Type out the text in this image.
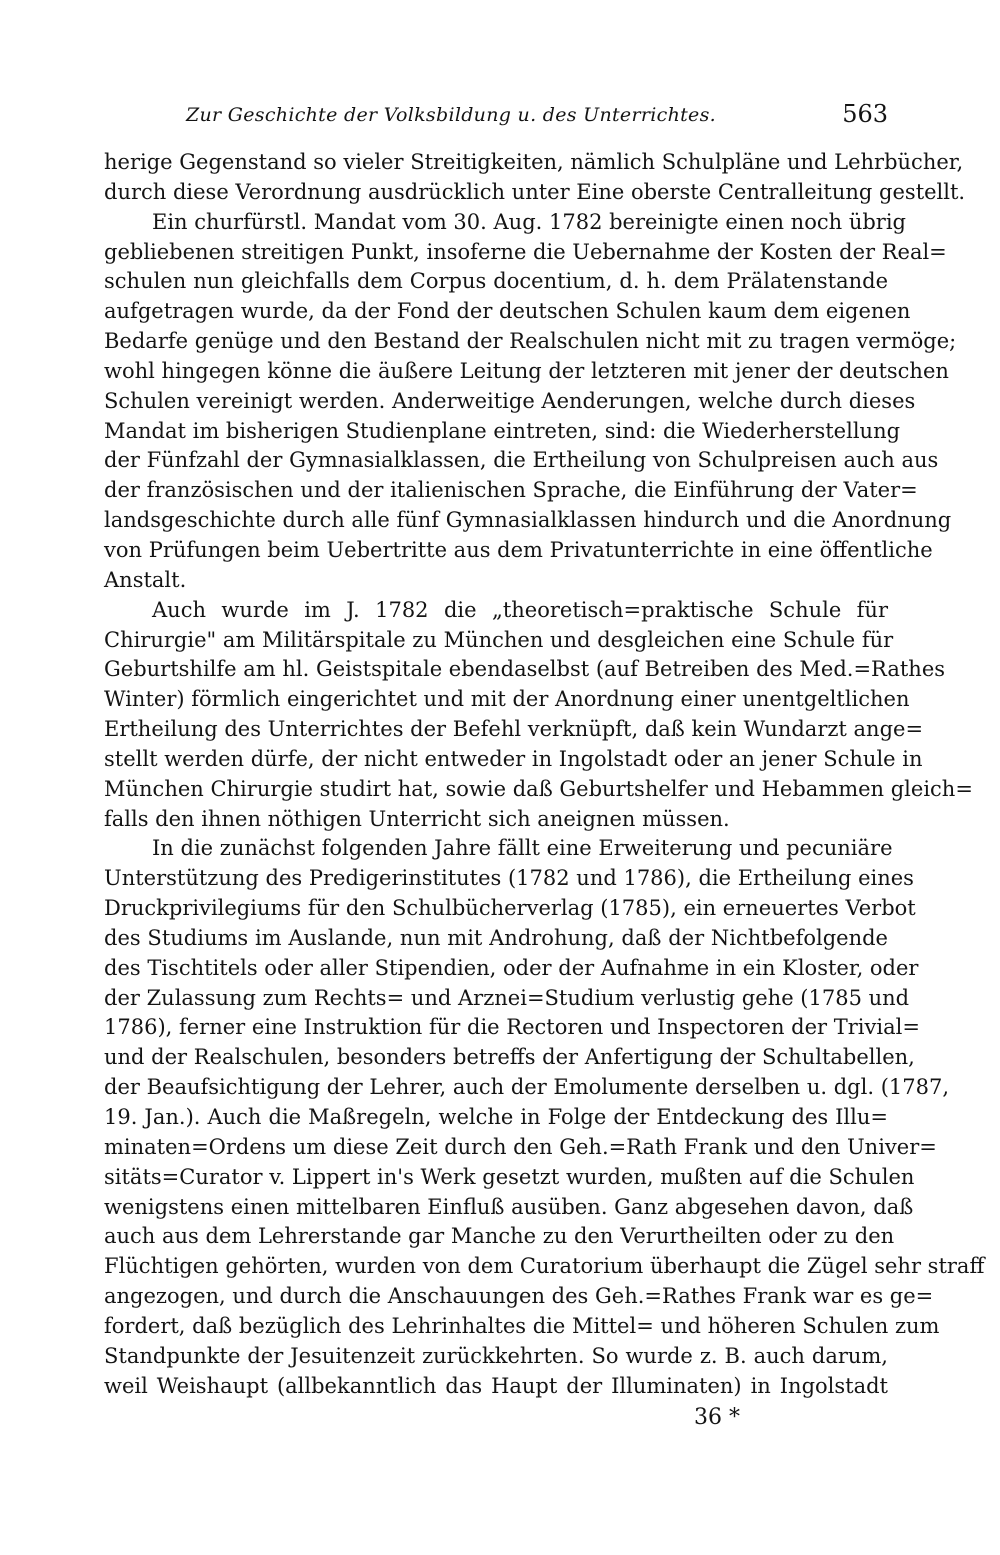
Zur Geschichte der Volksbildung u. des Unterrichtes.	563
herige Gegenstand so vieler Streitigkeiten, nämlich Schulpläne und Lehrbücher,
durch diese Verordnung ausdrücklich unter Eine oberste Centralleitung gestellt.
Ein churfürstl. Mandat vom 30. Aug. 1782 bereinigte einen noch übrig
gebliebenen streitigen Punkt, insoferne die Uebernahme der Kosten der Real=
schulen nun gleichfalls dem Corpus docentium, d. h. dem Prälatenstande
aufgetragen wurde, da der Fond der deutschen Schulen kaum dem eigenen
Bedarfe genüge und den Bestand der Realschulen nicht mit zu tragen vermöge;
wohl hingegen könne die äußere Leitung der letzteren mit jener der deutschen
Schulen vereinigt werden. Anderweitige Aenderungen, welche durch dieses
Mandat im bisherigen Studienplane eintreten, sind: die Wiederherstellung
der Fünfzahl der Gymnasialklassen, die Ertheilung von Schulpreisen auch aus
der französischen und der italienischen Sprache, die Einführung der Vater=
landsgeschichte durch alle fünf Gymnasialklassen hindurch und die Anordnung
von Prüfungen beim Uebertritte aus dem Privatunterrichte in eine öffentliche
Anstalt.
Auch wurde im J. 1782 die „theoretisch=praktische Schule für
Chirurgie" am Militärspitale zu München und desgleichen eine Schule für
Geburtshilfe am hl. Geistspitale ebendaselbst (auf Betreiben des Med.=Rathes
Winter) förmlich eingerichtet und mit der Anordnung einer unentgeltlichen
Ertheilung des Unterrichtes der Befehl verknüpft, daß kein Wundarzt ange=
stellt werden dürfe, der nicht entweder in Ingolstadt oder an jener Schule in
München Chirurgie studirt hat, sowie daß Geburtshelfer und Hebammen gleich=
falls den ihnen nöthigen Unterricht sich aneignen müssen.
In die zunächst folgenden Jahre fällt eine Erweiterung und pecuniäre
Unterstützung des Predigerinstitutes (1782 und 1786), die Ertheilung eines
Druckprivilegiums für den Schulbücherverlag (1785), ein erneuertes Verbot
des Studiums im Auslande, nun mit Androhung, daß der Nichtbefolgende
des Tischtitels oder aller Stipendien, oder der Aufnahme in ein Kloster, oder
der Zulassung zum Rechts= und Arznei=Studium verlustig gehe (1785 und
1786), ferner eine Instruktion für die Rectoren und Inspectoren der Trivial=
und der Realschulen, besonders betreffs der Anfertigung der Schultabellen,
der Beaufsichtigung der Lehrer, auch der Emolumente derselben u. dgl. (1787,
19. Jan.). Auch die Maßregeln, welche in Folge der Entdeckung des Illu=
minaten=Ordens um diese Zeit durch den Geh.=Rath Frank und den Univer=
sitäts=Curator v. Lippert in's Werk gesetzt wurden, mußten auf die Schulen
wenigstens einen mittelbaren Einfluß ausüben. Ganz abgesehen davon, daß
auch aus dem Lehrerstande gar Manche zu den Verurtheilten oder zu den
Flüchtigen gehörten, wurden von dem Curatorium überhaupt die Zügel sehr straff
angezogen, und durch die Anschauungen des Geh.=Rathes Frank war es ge=
fordert, daß bezüglich des Lehrinhaltes die Mittel= und höheren Schulen zum
Standpunkte der Jesuitenzeit zurückkehrten. So wurde z. B. auch darum,
weil Weishaupt (allbekanntlich das Haupt der Illuminaten) in Ingolstadt
36 *
